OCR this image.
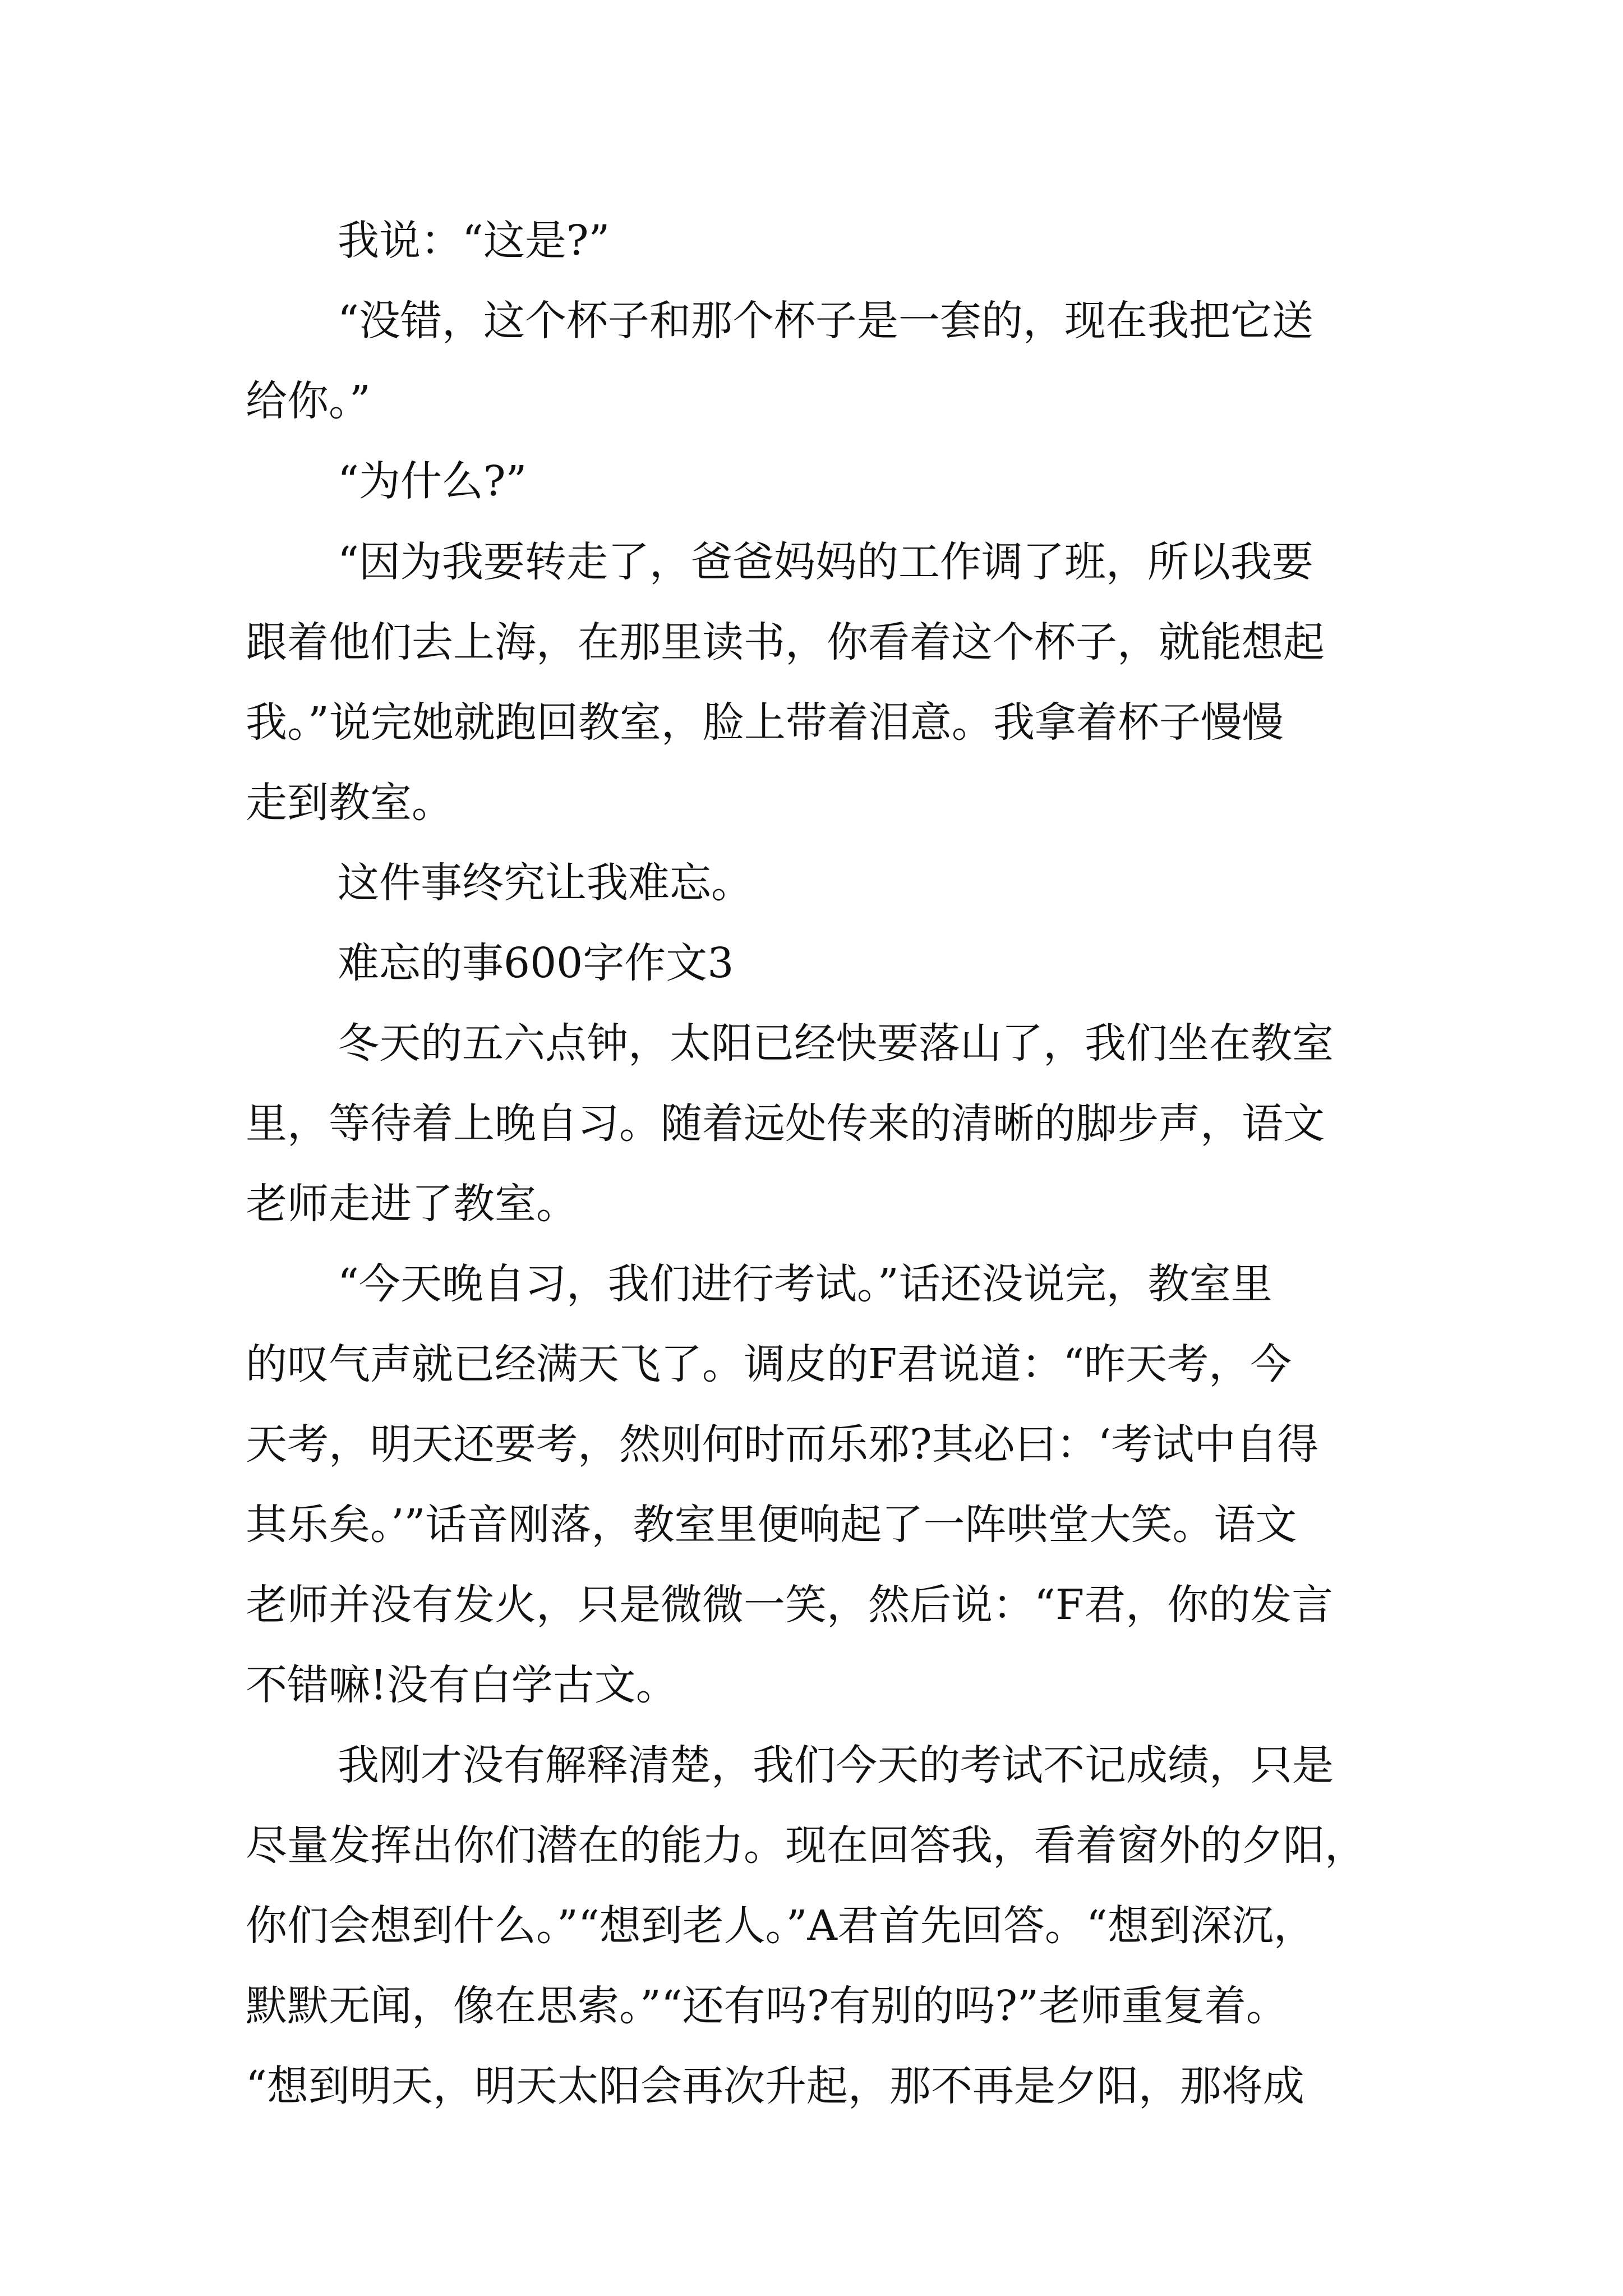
我说：“这是?”
“没错，这个杯子和那个杯子是一套的，现在我把它送
给你。”
“为什么?”
“因为我要转走了，爸爸妈妈的工作调了班，所以我要
跟着他们去上海，在那里读书，你看着这个杯子，就能想起
我。”说完她就跑回教室，脸上带着泪意。我拿着杯子慢慢
走到教室。
这件事终究让我难忘。
难忘的事600字作文3
冬天的五六点钟，太阳已经快要落山了，我们坐在教室
里，等待着上晚自习。随着远处传来的清晰的脚步声，语文
老师走进了教室。
“今天晚自习，我们进行考试。”话还没说完，教室里
的叹气声就已经满天飞了。调皮的F君说道：“昨天考，今
天考，明天还要考，然则何时而乐邪?其必曰：‘考试中自得
其乐矣。’”话音刚落，教室里便响起了一阵哄堂大笑。语文
老师并没有发火，只是微微一笑，然后说：“F君，你的发言
不错嘛!没有白学古文。
我刚才没有解释清楚，我们今天的考试不记成绩，只是
尽量发挥出你们潜在的能力。现在回答我，看着窗外的夕阳，
你们会想到什么。”“想到老人。”A君首先回答。“想到深沉，
默默无闻，像在思索。”“还有吗?有别的吗?”老师重复着。
“想到明天，明天太阳会再次升起，那不再是夕阳，那将成
